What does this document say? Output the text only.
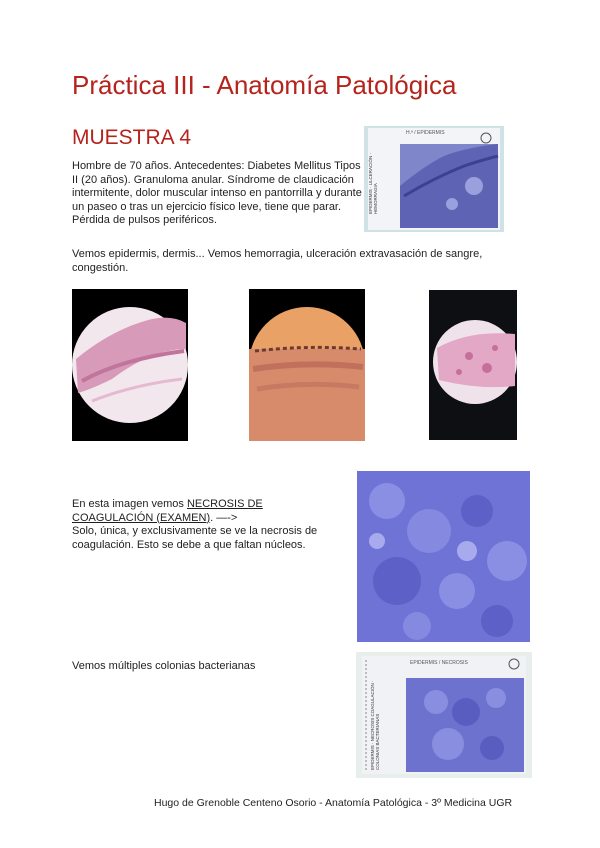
Práctica III - Anatomía Patológica
MUESTRA 4
Hombre de 70 años. Antecedentes: Diabetes Mellitus Tipos II (20 años). Granuloma anular. Síndrome de claudicación intermitente, dolor muscular intenso en pantorrilla y durante un paseo o tras un ejercicio físico leve, tiene que parar. Pérdida de pulsos periféricos.
H.ª / EPIDERMIS
EPIDERMIS · ULCERACIÓN · HEMORRAGIA
Vemos epidermis, dermis... Vemos hemorragia, ulceración extravasación de sangre, congestión.
En esta imagen vemos NECROSIS DE
COAGULACIÓN (EXAMEN). —->
Solo, única, y exclusivamente se ve la necrosis de coagulación. Esto se debe a que faltan núcleos.
Vemos múltiples colonias bacterianas	EPIDERMIS / NECROSIS
EPIDERMIS · NECROSIS COAGULACIÓN · COLONIAS BACTERIANAS
Hugo de Grenoble Centeno Osorio - Anatomía Patológica - 3º Medicina UGR
